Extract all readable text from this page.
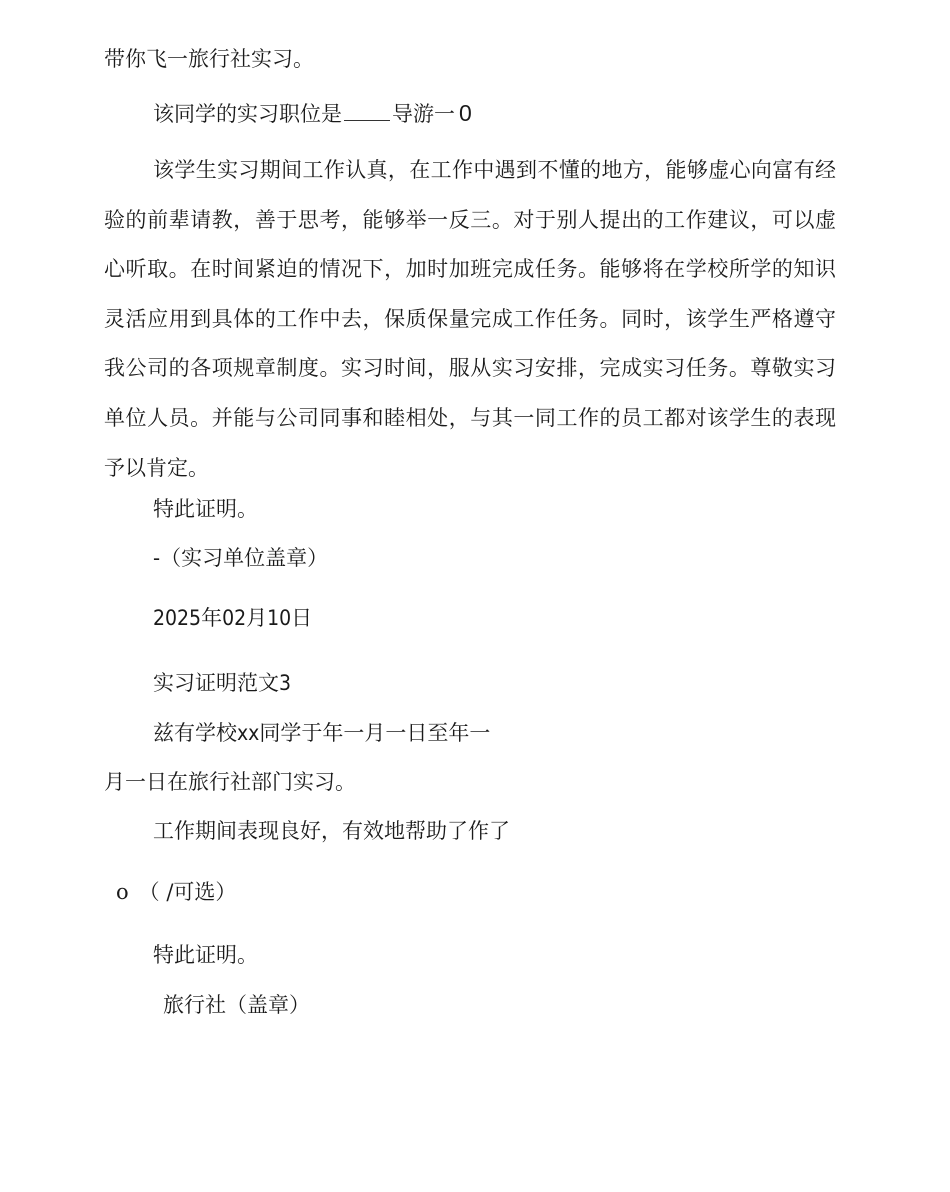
带你飞一旅行社实习。

该同学的实习职位是 导游一 0

该学生实习期间工作认真，在工作中遇到不懂的地方，能够虚心向富有经验的前辈请教，善于思考，能够举一反三。对于别人提出的工作建议，可以虚心听取。在时间紧迫的情况下，加时加班完成任务。能够将在学校所学的知识灵活应用到具体的工作中去，保质保量完成工作任务。同时，该学生严格遵守我公司的各项规章制度。实习时间，服从实习安排，完成实习任务。尊敬实习单位人员。并能与公司同事和睦相处，与其一同工作的员工都对该学生的表现予以肯定。

特此证明。

-（实习单位盖章）

2025年02月10日

实习证明范文3

兹有学校xx同学于年一月一日至年一

月一日在旅行社部门实习。

工作期间表现良好，有效地帮助了作了

o （ /可选）

特此证明。

旅行社（盖章）
